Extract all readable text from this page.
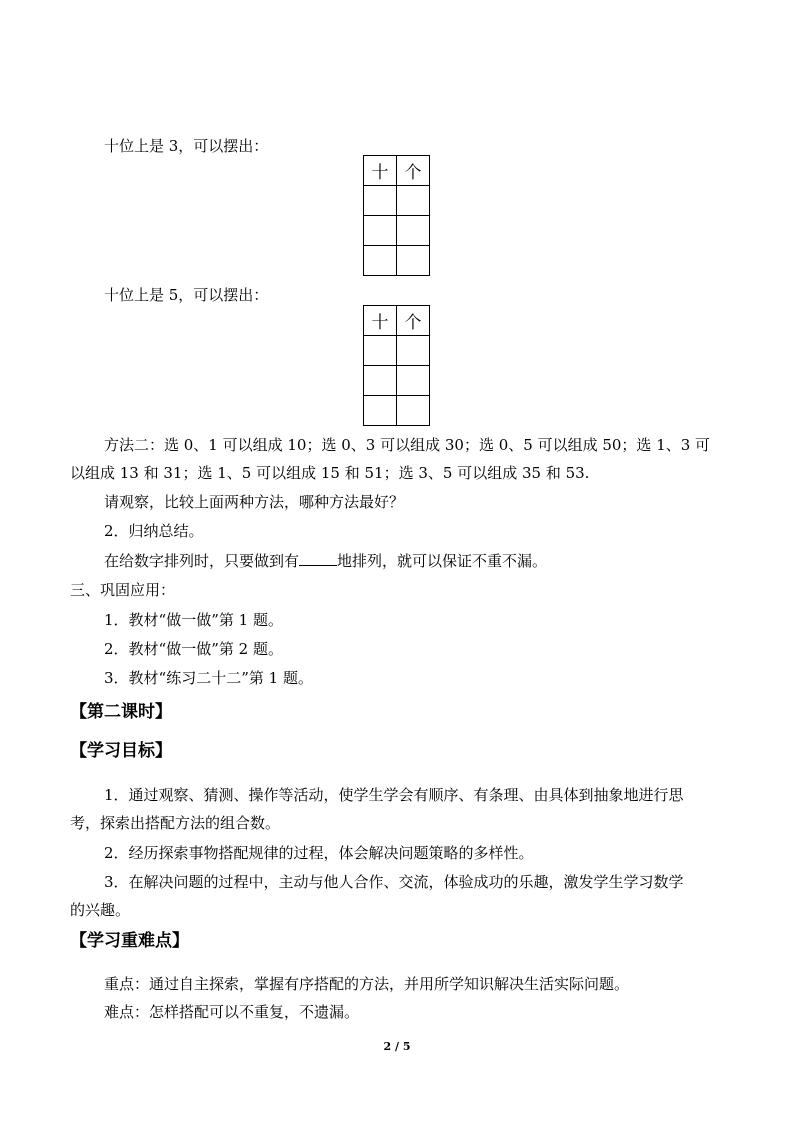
十位上是 3，可以摆出：
十	个

十位上是 5，可以摆出：
十	个

方法二：选 0、1 可以组成 10；选 0、3 可以组成 30；选 0、5 可以组成 50；选 1、3 可
以组成 13 和 31；选 1、5 可以组成 15 和 51；选 3、5 可以组成 35 和 53.
请观察，比较上面两种方法，哪种方法最好？
2．归纳总结。
在给数字排列时，只要做到有	地排列，就可以保证不重不漏。
三、巩固应用：
1．教材“做一做”第 1 题。
2．教材“做一做”第 2 题。
3．教材“练习二十二”第 1 题。
【第二课时】
【学习目标】
1．通过观察、猜测、操作等活动，使学生学会有顺序、有条理、由具体到抽象地进行思
考，探索出搭配方法的组合数。
2．经历探索事物搭配规律的过程，体会解决问题策略的多样性。
3．在解决问题的过程中，主动与他人合作、交流，体验成功的乐趣，激发学生学习数学
的兴趣。
【学习重难点】
重点：通过自主探索，掌握有序搭配的方法，并用所学知识解决生活实际问题。
难点：怎样搭配可以不重复，不遗漏。
2 / 5
